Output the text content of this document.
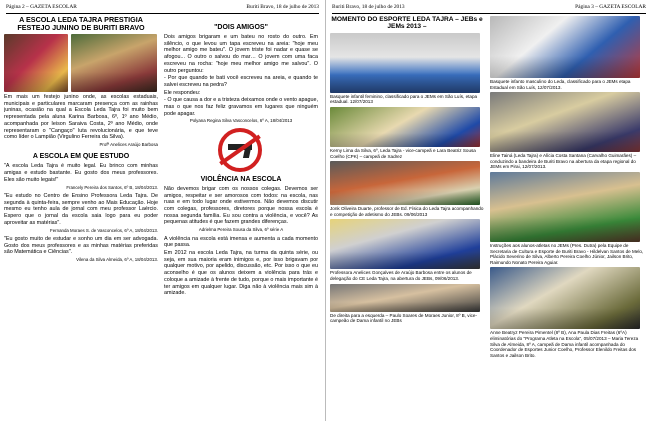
Página 2 – GAZETA ESCOLAR	Buriti Bravo, 18 de julho de 2013
A ESCOLA LEDA TAJRA PRESTIGIA FESTEJO JUNINO DE BURITI BRAVO
Em mais um festejo junino onde, as escolas estaduais, municipais e particulares marcaram presença com as rainhas juninas, ocasião na qual a Escola Leda Tajra foi muito bem representada pela aluna Karina Barbosa, 6º, 1º ano Médio, acompanhada por Ieison Saraiva Costa, 2º ano Médio, onde representaram o "Cangaço" luta revolucionária, e que teve como líder o Lampião (Virgulino Ferreira da Silva).
Profª Anelices Araújo Barbosa
A ESCOLA EM QUE ESTUDO
"A escola Leda Tajra é muito legal. Eu brinco com minhas amigas e estudo bastante. Eu gosto dos meus professores. Eles são muito legais!"
Francely Pereira dos Santos, 6º B, 18/04/2013.
"Eu estudo no Centro de Ensino Professora Leda Tajra. De segunda à quinta-feira, sempre venho ao Mais Educação. Hoje mesmo eu tenho aula de jornal com meu professor Laércio. Espero que o jornal da escola saia logo para eu poder aproveitar as matérias".
Fernanda Moraes S. de Vasconcelos, 6º A, 18/04/2013.
"Eu gosto muito de estudar e sonho um dia em ser advogada. Gosto dos meus professores e as minhas matérias preferidas são Matemática e Ciências".
Vilena da Silva Almeida, 6º A, 18/04/2013.
"DOIS AMIGOS"
Dois amigos brigaram e um bateu no rosto do outro. Em silêncio, o que levou um tapa escreveu na areia: "hoje meu melhor amigo me bateu". O jovem triste foi nadar e quase se afogou... O outro o salvou do mar… O jovem com uma faca escreveu na rocha: "hoje meu melhor amigo me salvou". O outro perguntou:
- Por que quando te bati você escreveu na areia, e quando te salvei escreveu na pedra?
Ele respondeu:
- O que causa a dor e a tristeza deixamos onde o vento apague, mas o que nos faz feliz gravamos em lugares que ninguém pode apagar.
Polyana Regina Silva Vasconcelos, 6º A, 18/04/2013
VIOLÊNCIA NA ESCOLA
Não devemos brigar com os nossos colegas. Devemos ser amigos, respeitar e ser amorosos com todos: na escola, nas ruas e em todo lugar onde estivermos. Não devemos discutir com colegas, professores, diretores porque nossa escola é nossa segunda família. Eu sou contra a violência, e você? As pequenas atitudes é que fazem grandes diferenças.
Adrielma Pereira Sousa da Silva, 6º série A
A violência na escola está imensa e aumenta a cada momento que passa.
Em 2012 na escola Leda Tajra, na turma da quinta série, ou seja, em sua maioria eram inimigos e, por isso brigavam por qualquer motivo, por apelido, discussão, etc. Por isso o que eu aconselho é que os alunos deixem a violência para trás e coloque a amizade à frente de tudo, porque o mais importante é ter amigos em qualquer lugar. Diga não à violência mais sim à amizade.
Buriti Bravo, 18 de julho de 2013	Página 3 – GAZETA ESCOLAR
MOMENTO DO ESPORTE LEDA TAJRA – JEBs e JEMs 2013 –
Basquete infantil feminino, classificado para o JEMs em São Luís, etapa estadual. 12/07/2013
Kerny Lima da Silva, 6º, Leda Tajra - vice-campeã e Lara Beatriz Sousa Coelho (CPK) – campeã de Xadrez
Jonk Oliveira Duarte, professor de Ed. Física do Leda Tajra acompanhando e competição de atletismo do JEBs. 09/06/2013
Professora Anelices Gonçalves de Araújo Barbosa entre os alunos de delegação do CE Leda Tajra, na abertura do JEBs, 09/06/2013.
De direita para a esquerda – Paulo Soares de Moraes Junior, 8º B, vice-campeão de Dama infantil no JEBs
Basquete infanto masculino do Leda, classificado para o JEMs etapa Estadual em São Luís, 12/07/2013.
Eline Tainá (Leda Tajra) e Alícia Costa Santana (Carvalho Guimarães) – conduzindo a bandeira de Buriti Bravo na abertura da etapa regional do JEMs em Pirai, 12/07/2013.
Instruções aos alunos-atletas no JEMs (Pres. Dutra) pela Equipe de Secretaria de Cultura e Esporte de Buriti Bravo - Hildelvan Santos de Melo, Plácido Severino de Silva, Alberto Pereira Coelho Júnior, Jailson Brito, Raimundo Nonato Pereira Aguiar.
Anne Beatryz Pereira Pimentel (8º B), Ana Paula Dias Freitas (6ºA) eliminatórias do "Programa Atleta na Escola", 05/07/2013 – Maria Tereza Silva de Almeida, 8º A, campeã de Dama infantil acompanhada do Coordenador de Esportes Junior Coelho, Professor Elenildo Freitas dos Santos e Jailson Brito.
